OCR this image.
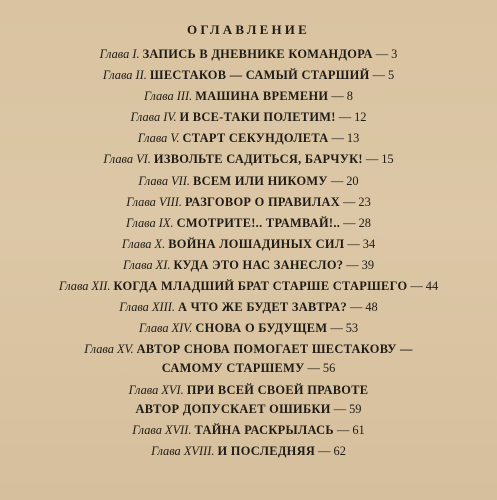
ОГЛАВЛЕНИЕ
Глава I. ЗАПИСЬ В ДНЕВНИКЕ КОМАНДОРА — 3
Глава II. ШЕСТАКОВ — САМЫЙ СТАРШИЙ — 5
Глава III. МАШИНА ВРЕМЕНИ — 8
Глава IV. И ВСЕ-ТАКИ ПОЛЕТИМ! — 12
Глава V. СТАРТ СЕКУНДОЛЕТА — 13
Глава VI. ИЗВОЛЬТЕ САДИТЬСЯ, БАРЧУК! — 15
Глава VII. ВСЕМ ИЛИ НИКОМУ — 20
Глава VIII. РАЗГОВОР О ПРАВИЛАХ — 23
Глава IX. СМОТРИТЕ!.. ТРАМВАЙ!.. — 28
Глава X. ВОЙНА ЛОШАДИНЫХ СИЛ — 34
Глава XI. КУДА ЭТО НАС ЗАНЕСЛО? — 39
Глава XII. КОГДА МЛАДШИЙ БРАТ СТАРШЕ СТАРШЕГО — 44
Глава XIII. А ЧТО ЖЕ БУДЕТ ЗАВТРА? — 48
Глава XIV. СНОВА О БУДУЩЕМ — 53
Глава XV. АВТОР СНОВА ПОМОГАЕТ ШЕСТАКОВУ —
САМОМУ СТАРШЕМУ — 56
Глава XVI. ПРИ ВСЕЙ СВОЕЙ ПРАВОТЕ
АВТОР ДОПУСКАЕТ ОШИБКИ — 59
Глава XVII. ТАЙНА РАСКРЫЛАСЬ — 61
Глава XVIII. И ПОСЛЕДНЯЯ — 62
